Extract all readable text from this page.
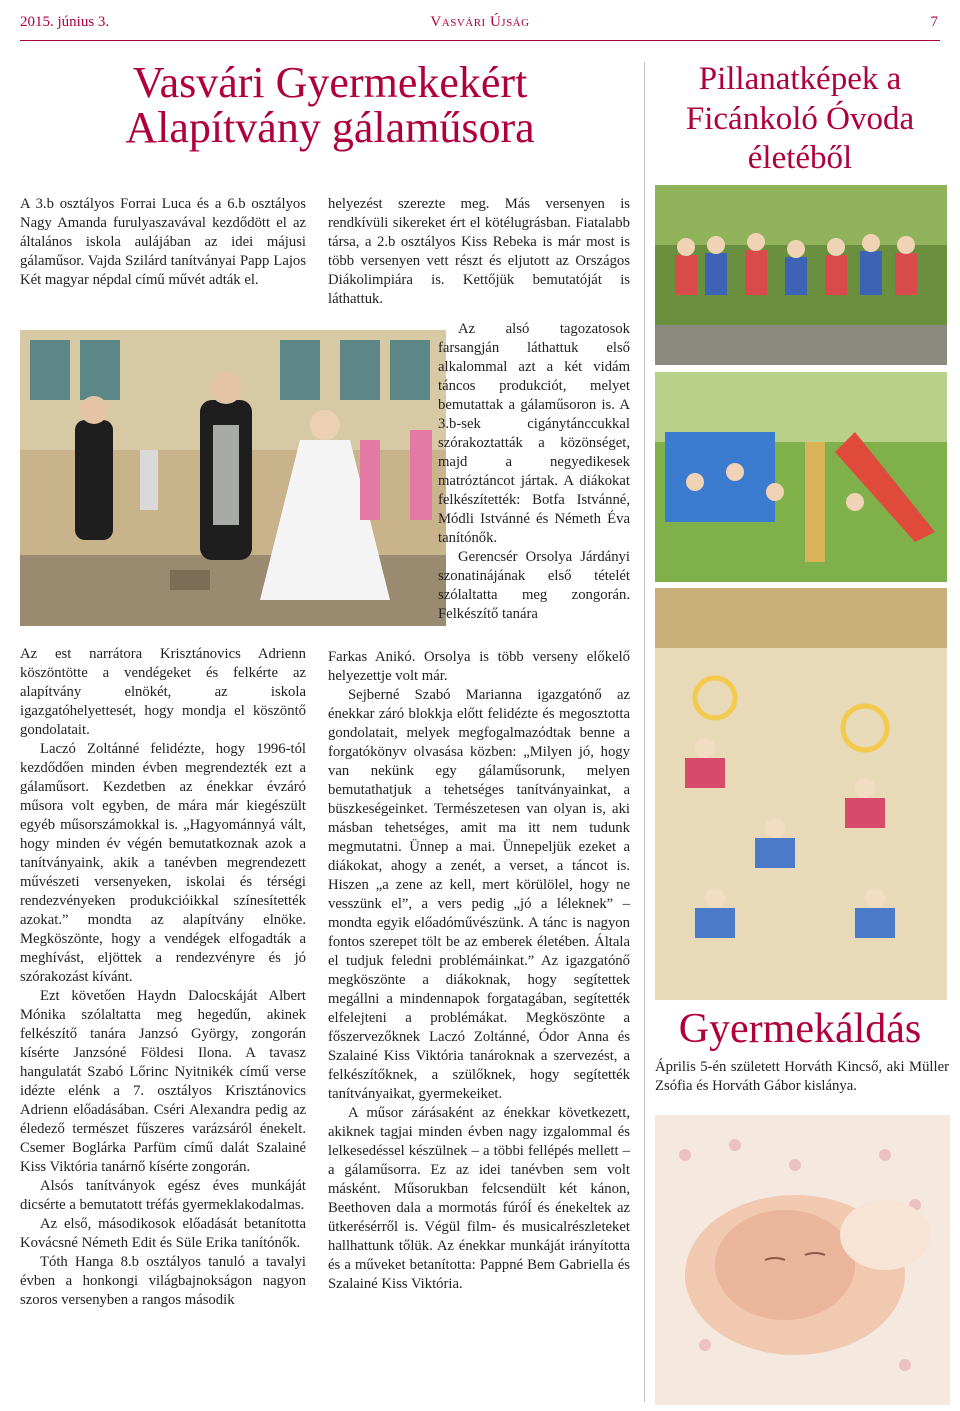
2015. június 3.	Vasvári Újság	7
Vasvári Gyermekekért
Alapítvány gálaműsora

A 3.b osztályos Forrai Luca és a 6.b osztályos Nagy Amanda furulyaszavával kezdődött el az általános iskola aulájában az idei májusi gálaműsor. Vajda Szilárd tanítványai Papp Lajos Két magyar népdal című művét adták el.

Az est narrátora Krisztánovics Adrienn köszöntötte a vendégeket és felkérte az alapítvány elnökét, az iskola igazgatóhelyettesét, hogy mondja el köszöntő gondolatait.

Laczó Zoltánné felidézte, hogy 1996-tól kezdődően minden évben megrendezték ezt a gálaműsort. Kezdetben az énekkar évzáró műsora volt egyben, de mára már kiegészült egyéb műsorszámokkal is. „Hagyománnyá vált, hogy minden év végén bemutatkoznak azok a tanítványaink, akik a tanévben megrendezett művészeti versenyeken, iskolai és térségi rendezvényeken produkcióikkal színesítették azokat.” mondta az alapítvány elnöke. Megköszönte, hogy a vendégek elfogadták a meghívást, eljöttek a rendezvényre és jó szórakozást kívánt.

Ezt követően Haydn Dalocskáját Albert Mónika szólaltatta meg hegedűn, akinek felkészítő tanára Janzsó György, zongorán kísérte Janzsóné Földesi Ilona. A tavasz hangulatát Szabó Lőrinc Nyitnikék című verse idézte elénk a 7. osztályos Krisztánovics Adrienn előadásában. Cséri Alexandra pedig az éledező természet fűszeres varázsáról énekelt. Csemer Boglárka Parfüm című dalát Szalainé Kiss Viktória tanárnő kísérte zongorán.

Alsós tanítványok egész éves munkáját dicsérte a bemutatott tréfás gyermeklakodalmas.

Az első, másodikosok előadását betanította Kovácsné Németh Edit és Süle Erika tanítónők.

Tóth Hanga 8.b osztályos tanuló a tavalyi évben a honkongi világbajnokságon nagyon szoros versenyben a rangos második

helyezést szerezte meg. Más versenyen is rendkívüli sikereket ért el kötélugrásban. Fiatalabb társa, a 2.b osztályos Kiss Rebeka is már most is több versenyen vett részt és eljutott az Országos Diákolimpiára is. Kettőjük bemutatóját is láthattuk.

Az alsó tagozatosok farsangján láthattuk első alkalommal azt a két vidám táncos produkciót, melyet bemutattak a gálaműsoron is. A 3.b-sek cigánytánccukkal szórakoztatták a közönséget, majd a negyedikesek matróztáncot jártak. A diákokat felkészítették: Botfa Istvánné, Módli Istvánné és Németh Éva tanítónők.

Gerencsér Orsolya Járdányi szonatinájának első tételét szólaltatta meg zongorán. Felkészítő tanára

Farkas Anikó. Orsolya is több verseny előkelő helyezettje volt már.

Sejberné Szabó Marianna igazgatónő az énekkar záró blokkja előtt felidézte és megosztotta gondolatait, melyek megfogalmazódtak benne a forgatókönyv olvasása közben: „Milyen jó, hogy van nekünk egy gálaműsorunk, melyen bemutathatjuk a tehetséges tanítványainkat, a büszkeségeinket. Természetesen van olyan is, aki másban tehetséges, amit ma itt nem tudunk megmutatni. Ünnep a mai. Ünnepeljük ezeket a diákokat, ahogy a zenét, a verset, a táncot is. Hiszen „a zene az kell, mert körülölel, hogy ne vesszünk el”, a vers pedig „jó a léleknek” – mondta egyik előadóművészünk. A tánc is nagyon fontos szerepet tölt be az emberek életében. Általa el tudjuk feledni problémáinkat.” Az igazgatónő megköszönte a diákoknak, hogy segítettek megállni a mindennapok forgatagában, segítették elfelejteni a problémákat. Megköszönte a főszervezőknek Laczó Zoltánné, Ódor Anna és Szalainé Kiss Viktória tanároknak a szervezést, a felkészítőknek, a szülőknek, hogy segítették tanítványaikat, gyermekeiket.

A műsor zárásaként az énekkar következett, akiknek tagjai minden évben nagy izgalommal és lelkesedéssel készülnek – a többi fellépés mellett – a gálaműsorra. Ez az idei tanévben sem volt másként. Műsorukban felcsendült két kánon, Beethoven dala a mormotás fúróÍ és énekeltek az ütkerésérről is. Végül film- és musicalrészleteket hallhattunk tőlük. Az énekkar munkáját irányította és a műveket betanította: Pappné Bem Gabriella és Szalainé Kiss Viktória.

Pillanatképek a
Ficánkoló Óvoda
életéből
Gyermekáldás

Április 5-én született Horváth Kincső, aki Müller Zsófia és Horváth Gábor kislánya.
